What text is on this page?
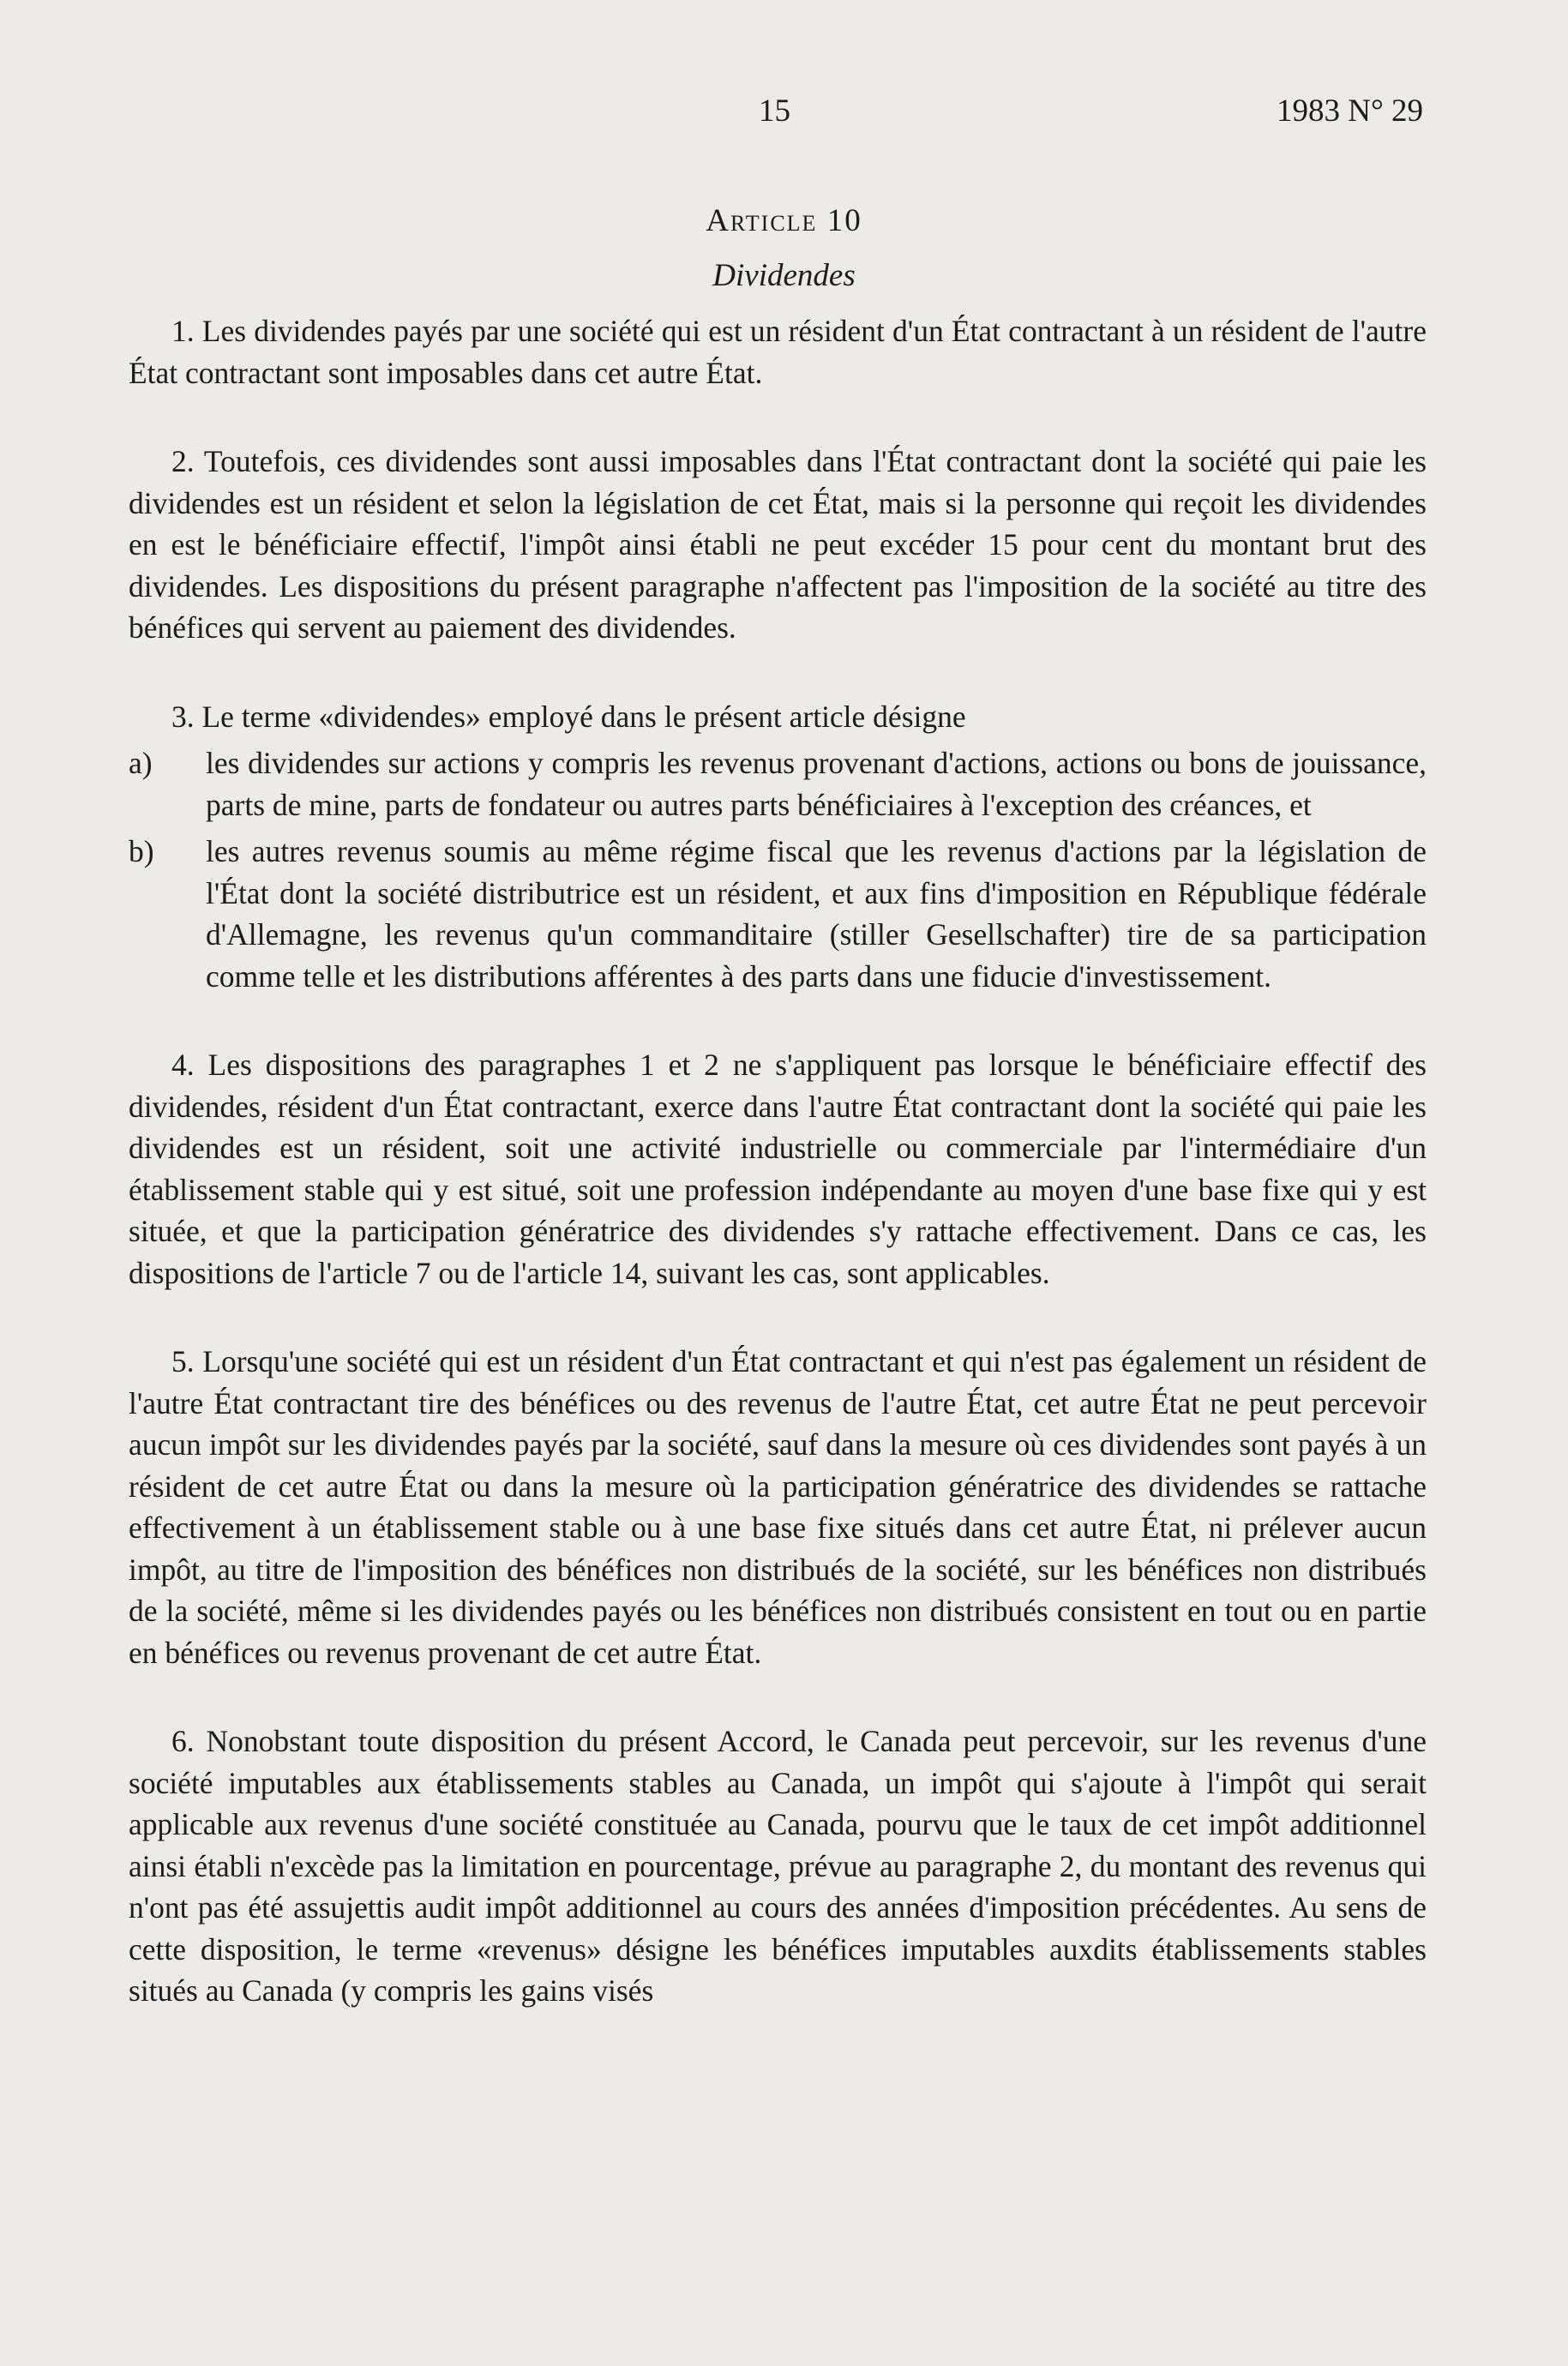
15	1983 N° 29
Article 10
Dividendes

1. Les dividendes payés par une société qui est un résident d'un État contractant à un résident de l'autre État contractant sont imposables dans cet autre État.

2. Toutefois, ces dividendes sont aussi imposables dans l'État contractant dont la société qui paie les dividendes est un résident et selon la législation de cet État, mais si la personne qui reçoit les dividendes en est le bénéficiaire effectif, l'impôt ainsi établi ne peut excéder 15 pour cent du montant brut des dividendes. Les dispositions du présent paragraphe n'affectent pas l'imposition de la société au titre des bénéfices qui servent au paiement des dividendes.

3. Le terme «dividendes» employé dans le présent article désigne

a) les dividendes sur actions y compris les revenus provenant d'actions, actions ou bons de jouissance, parts de mine, parts de fondateur ou autres parts bénéficiaires à l'exception des créances, et
b) les autres revenus soumis au même régime fiscal que les revenus d'actions par la législation de l'État dont la société distributrice est un résident, et aux fins d'imposition en République fédérale d'Allemagne, les revenus qu'un commanditaire (stiller Gesellschafter) tire de sa participation comme telle et les distributions afférentes à des parts dans une fiducie d'investissement.

4. Les dispositions des paragraphes 1 et 2 ne s'appliquent pas lorsque le bénéficiaire effectif des dividendes, résident d'un État contractant, exerce dans l'autre État contractant dont la société qui paie les dividendes est un résident, soit une activité industrielle ou commerciale par l'intermédiaire d'un établissement stable qui y est situé, soit une profession indépendante au moyen d'une base fixe qui y est située, et que la participation génératrice des dividendes s'y rattache effectivement. Dans ce cas, les dispositions de l'article 7 ou de l'article 14, suivant les cas, sont applicables.

5. Lorsqu'une société qui est un résident d'un État contractant et qui n'est pas également un résident de l'autre État contractant tire des bénéfices ou des revenus de l'autre État, cet autre État ne peut percevoir aucun impôt sur les dividendes payés par la société, sauf dans la mesure où ces dividendes sont payés à un résident de cet autre État ou dans la mesure où la participation génératrice des dividendes se rattache effectivement à un établissement stable ou à une base fixe situés dans cet autre État, ni prélever aucun impôt, au titre de l'imposition des bénéfices non distribués de la société, sur les bénéfices non distribués de la société, même si les dividendes payés ou les bénéfices non distribués consistent en tout ou en partie en bénéfices ou revenus provenant de cet autre État.

6. Nonobstant toute disposition du présent Accord, le Canada peut percevoir, sur les revenus d'une société imputables aux établissements stables au Canada, un impôt qui s'ajoute à l'impôt qui serait applicable aux revenus d'une société constituée au Canada, pourvu que le taux de cet impôt additionnel ainsi établi n'excède pas la limitation en pourcentage, prévue au paragraphe 2, du montant des revenus qui n'ont pas été assujettis audit impôt additionnel au cours des années d'imposition précédentes. Au sens de cette disposition, le terme «revenus» désigne les bénéfices imputables auxdits établissements stables situés au Canada (y compris les gains visés
